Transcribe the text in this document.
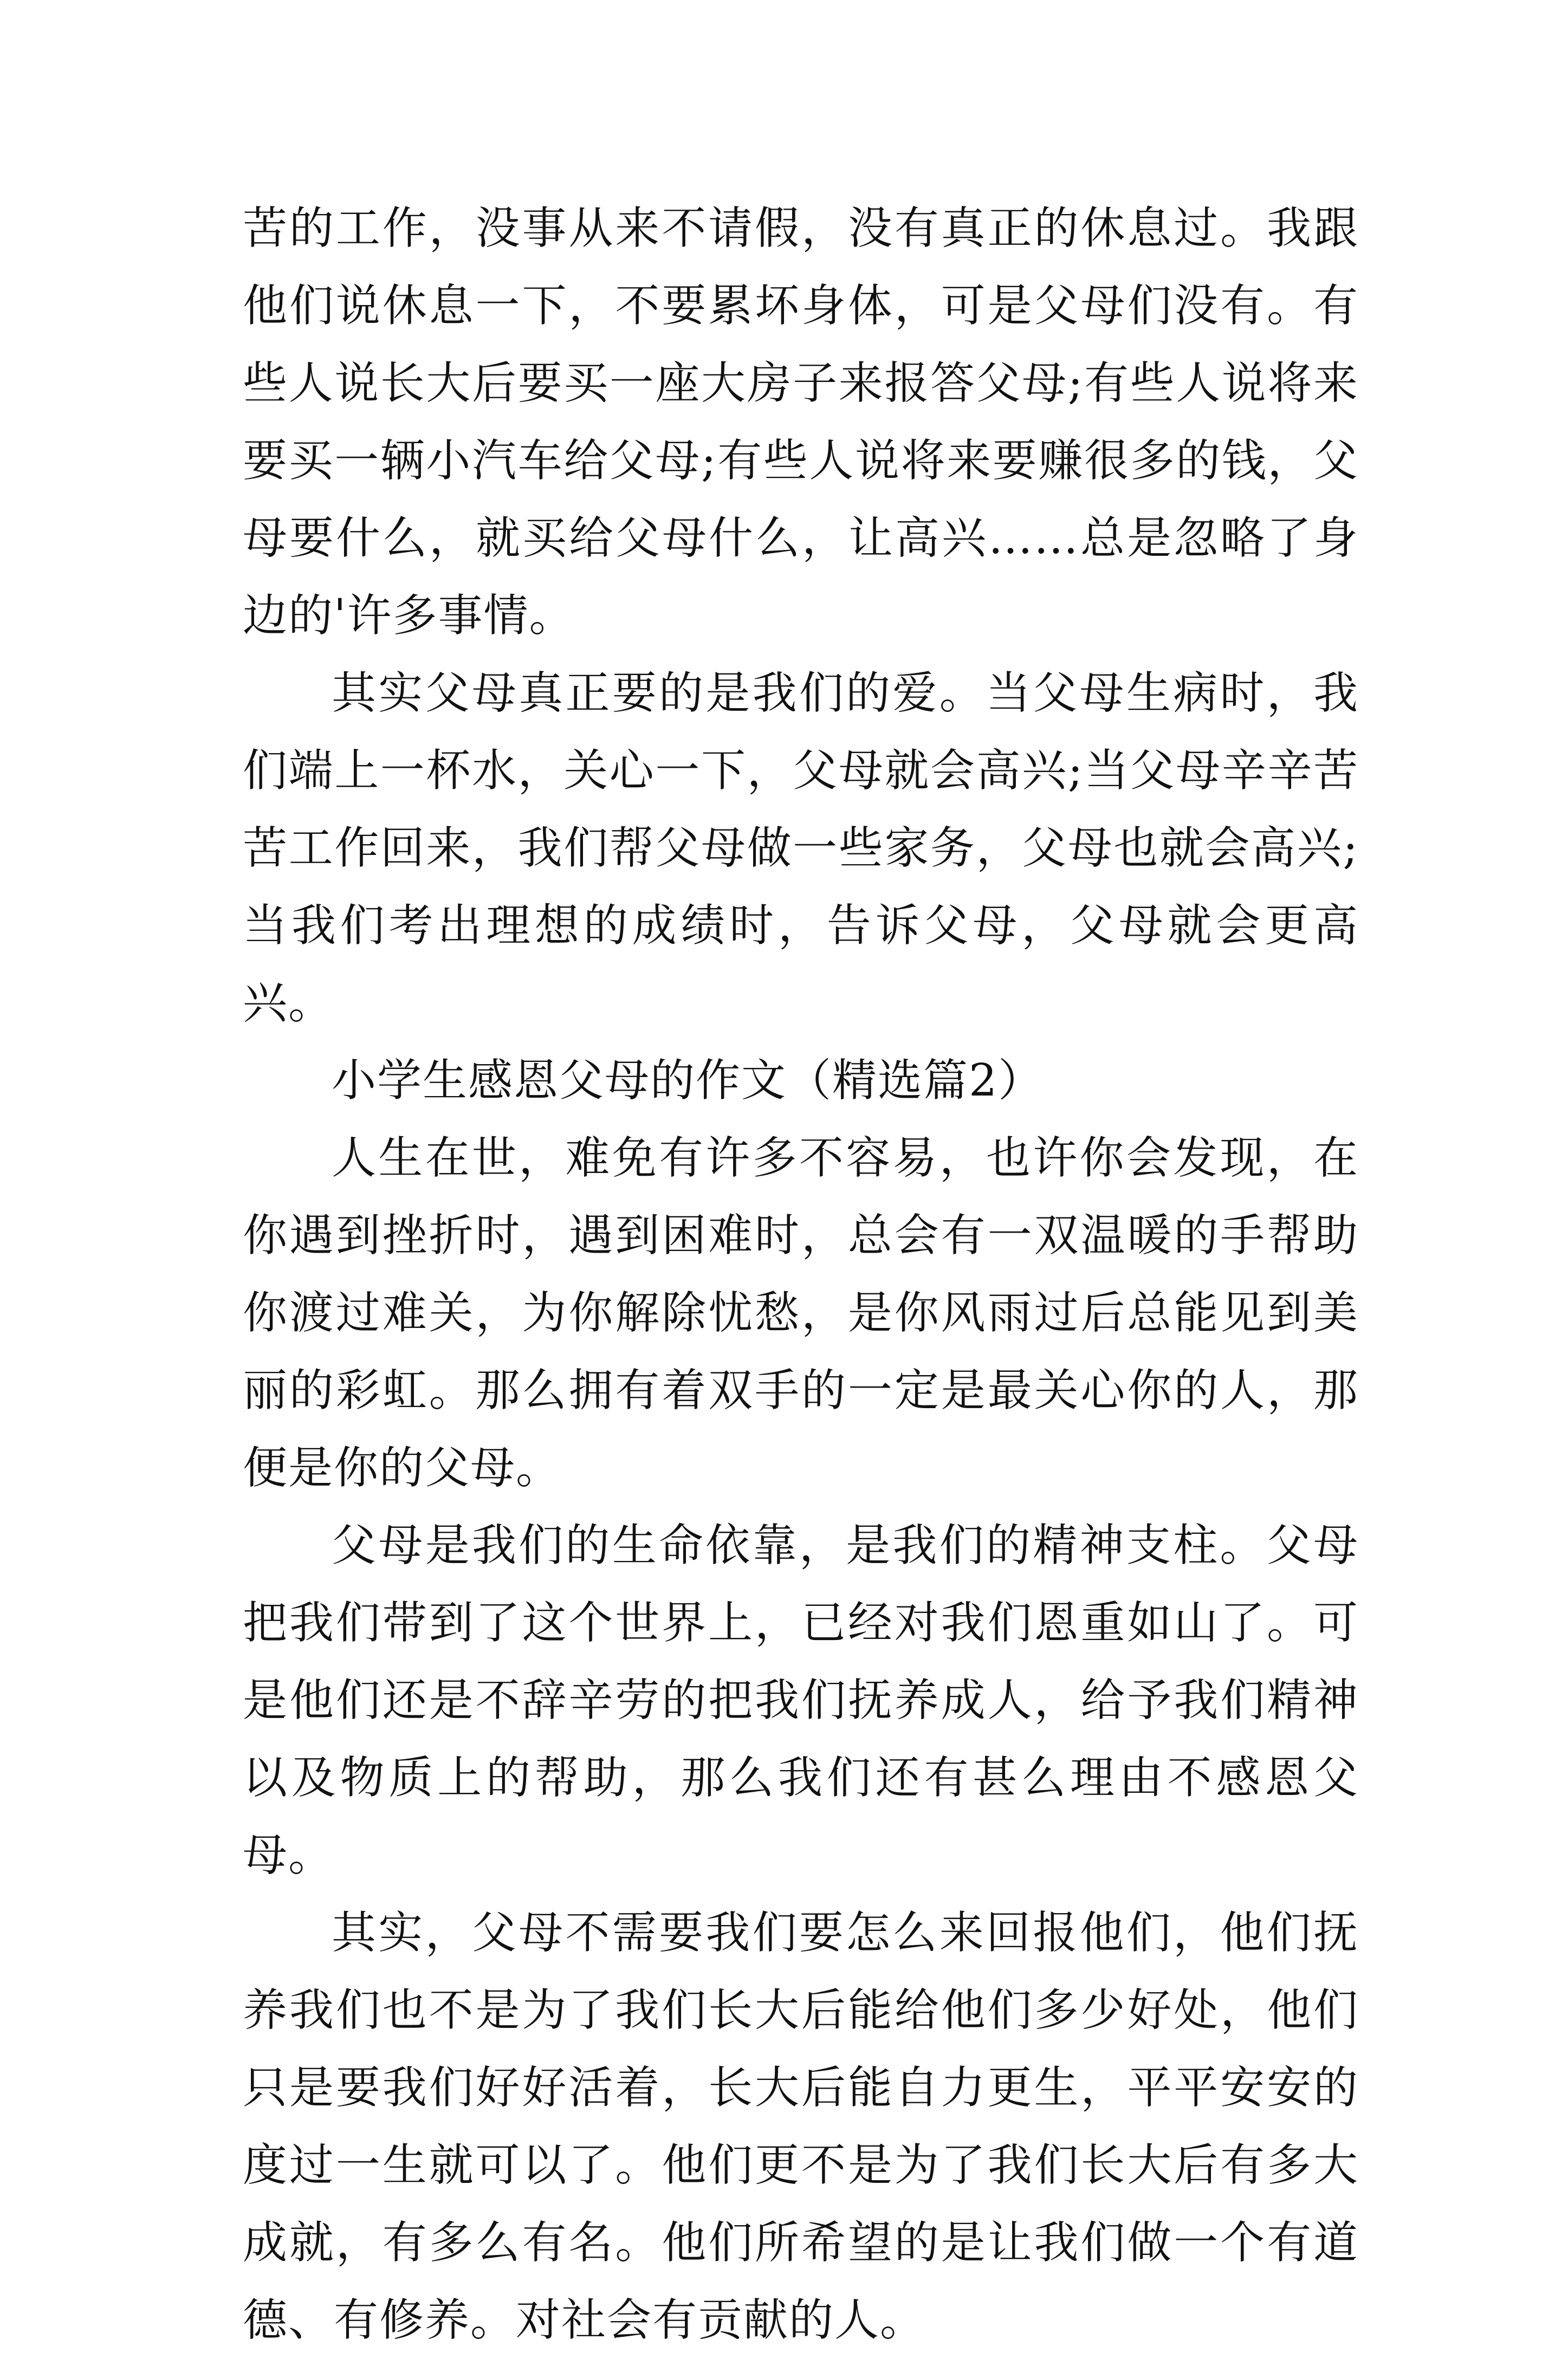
苦的工作，没事从来不请假，没有真正的休息过。我跟他们说休息一下，不要累坏身体，可是父母们没有。有些人说长大后要买一座大房子来报答父母;有些人说将来要买一辆小汽车给父母;有些人说将来要赚很多的钱，父母要什么，就买给父母什么，让高兴……总是忽略了身边的'许多事情。

其实父母真正要的是我们的爱。当父母生病时，我们端上一杯水，关心一下，父母就会高兴;当父母辛辛苦苦工作回来，我们帮父母做一些家务，父母也就会高兴;当我们考出理想的成绩时，告诉父母，父母就会更高兴。

小学生感恩父母的作文（精选篇2）

人生在世，难免有许多不容易，也许你会发现，在你遇到挫折时，遇到困难时，总会有一双温暖的手帮助你渡过难关，为你解除忧愁，是你风雨过后总能见到美丽的彩虹。那么拥有着双手的一定是最关心你的人，那便是你的父母。

父母是我们的生命依靠，是我们的精神支柱。父母把我们带到了这个世界上，已经对我们恩重如山了。可是他们还是不辞辛劳的把我们抚养成人，给予我们精神以及物质上的帮助，那么我们还有甚么理由不感恩父母。

其实，父母不需要我们要怎么来回报他们，他们抚养我们也不是为了我们长大后能给他们多少好处，他们只是要我们好好活着，长大后能自力更生，平平安安的度过一生就可以了。他们更不是为了我们长大后有多大成就，有多么有名。他们所希望的是让我们做一个有道德、有修养。对社会有贡献的人。
